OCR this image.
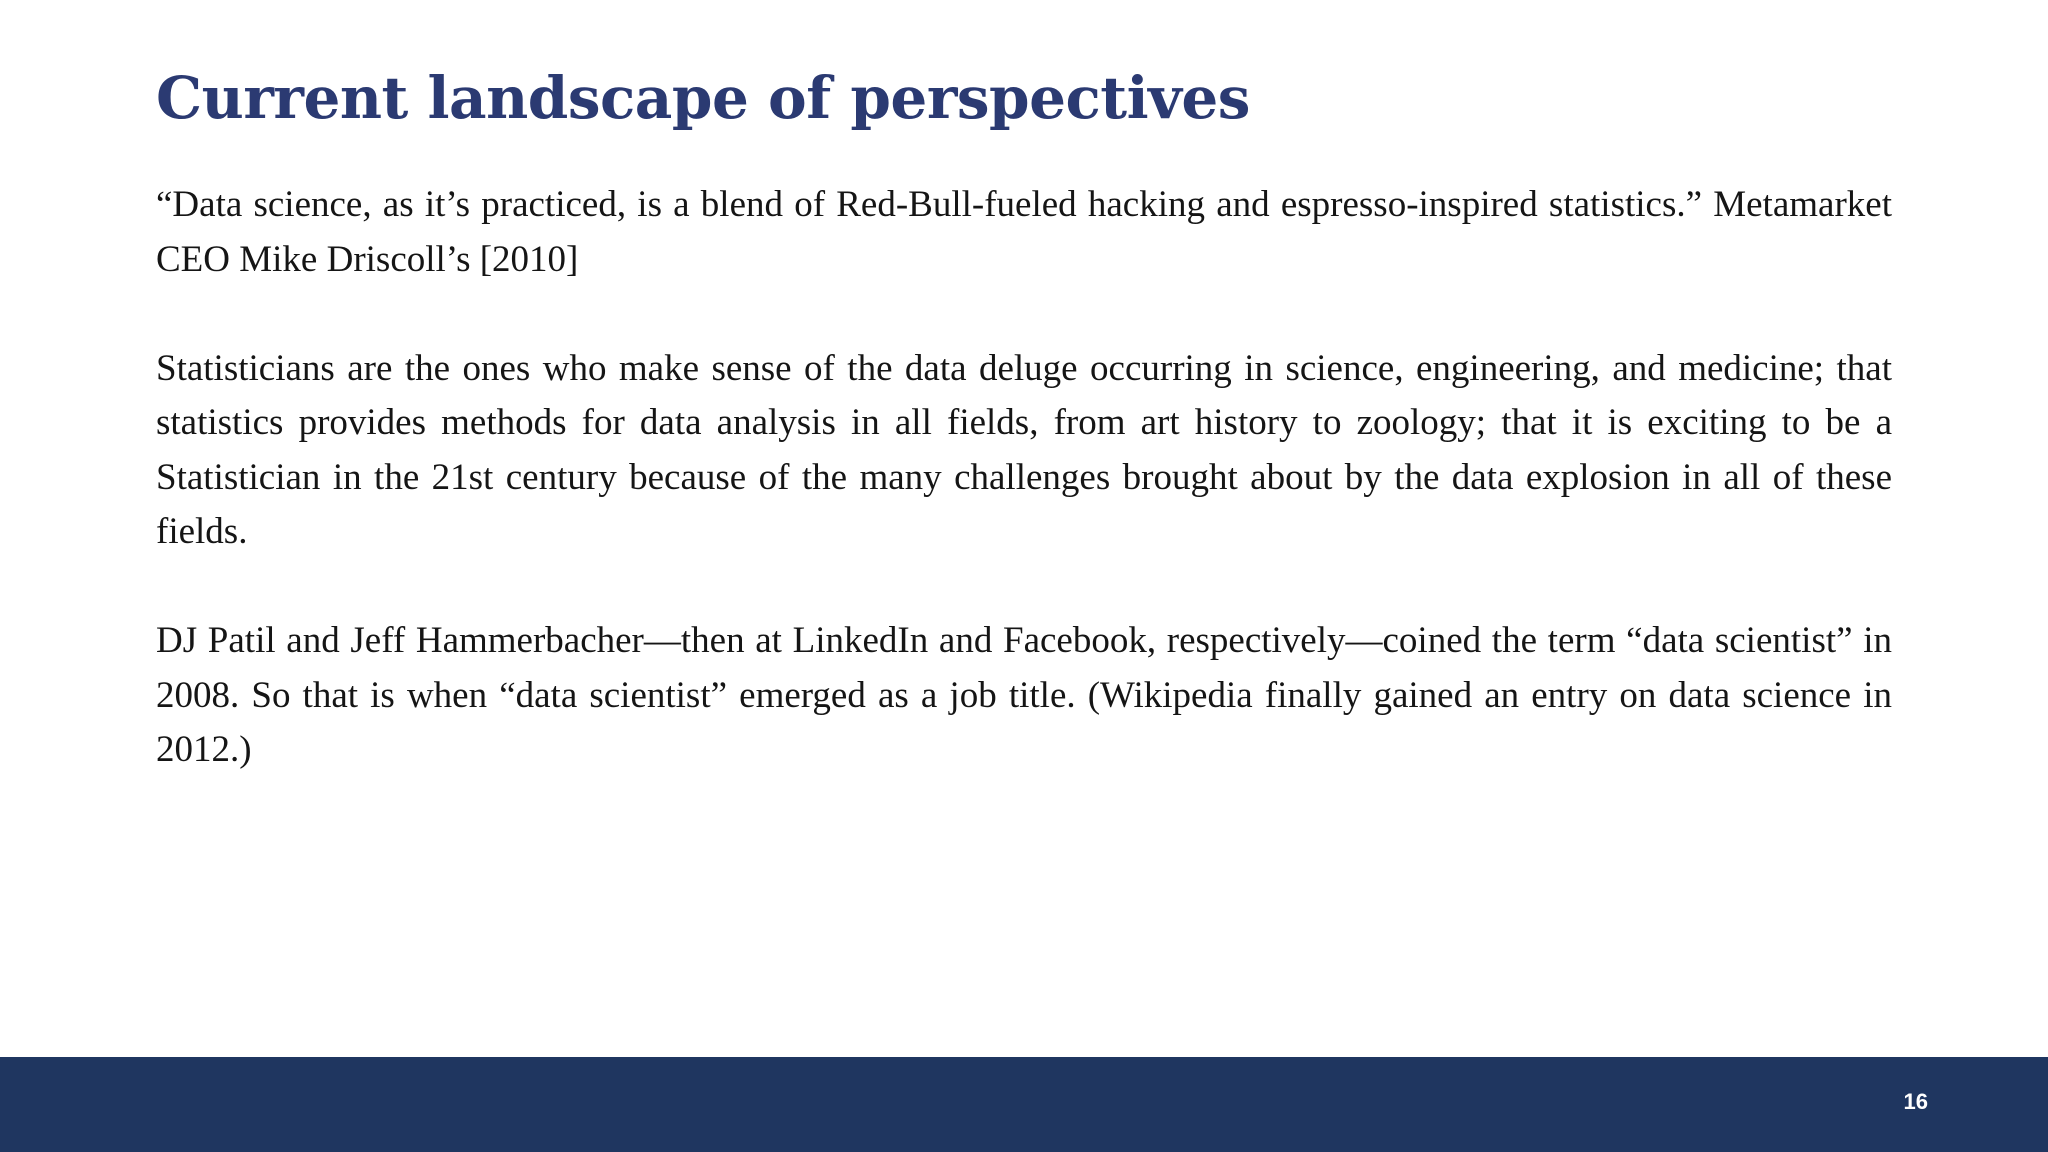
Current landscape of perspectives

“Data science, as it’s practiced, is a blend of Red-Bull-fueled hacking and espresso-inspired statistics.” Metamarket CEO Mike Driscoll’s [2010]

Statisticians are the ones who make sense of the data deluge occurring in science, engineering, and medicine; that statistics provides methods for data analysis in all fields, from art history to zoology; that it is exciting to be a Statistician in the 21st century because of the many challenges brought about by the data explosion in all of these fields.

DJ Patil and Jeff Hammerbacher—then at LinkedIn and Facebook, respectively—coined the term “data scientist” in 2008. So that is when “data scientist” emerged as a job title. (Wikipedia finally gained an entry on data science in 2012.)

16
